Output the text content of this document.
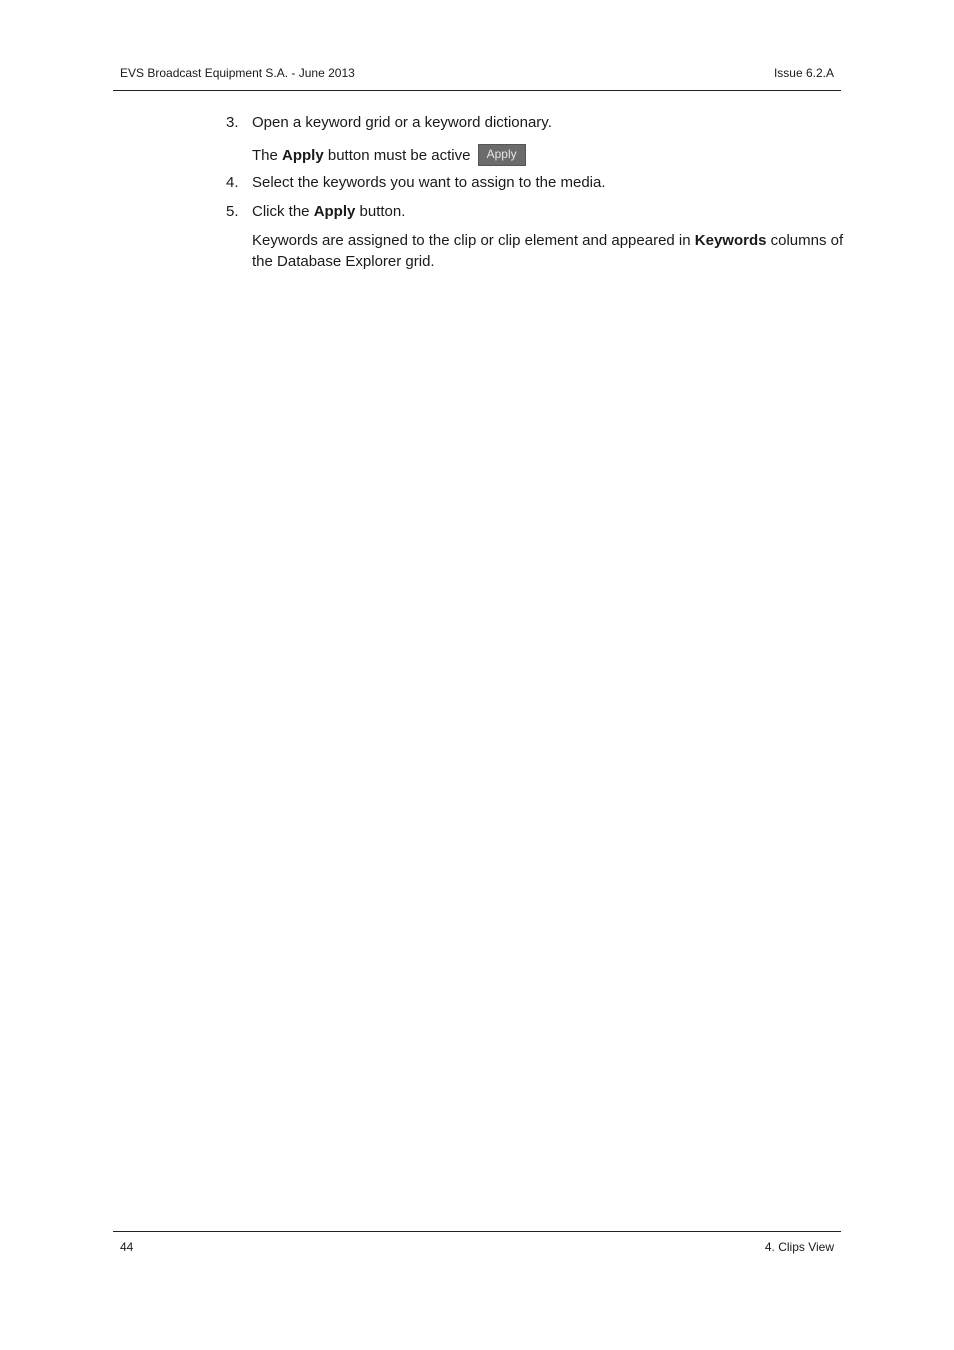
EVS Broadcast Equipment S.A. - June 2013	Issue 6.2.A
3. Open a keyword grid or a keyword dictionary.
The Apply button must be active Apply
4. Select the keywords you want to assign to the media.
5. Click the Apply button.
Keywords are assigned to the clip or clip element and appeared in Keywords columns of the Database Explorer grid.
44	4. Clips View
